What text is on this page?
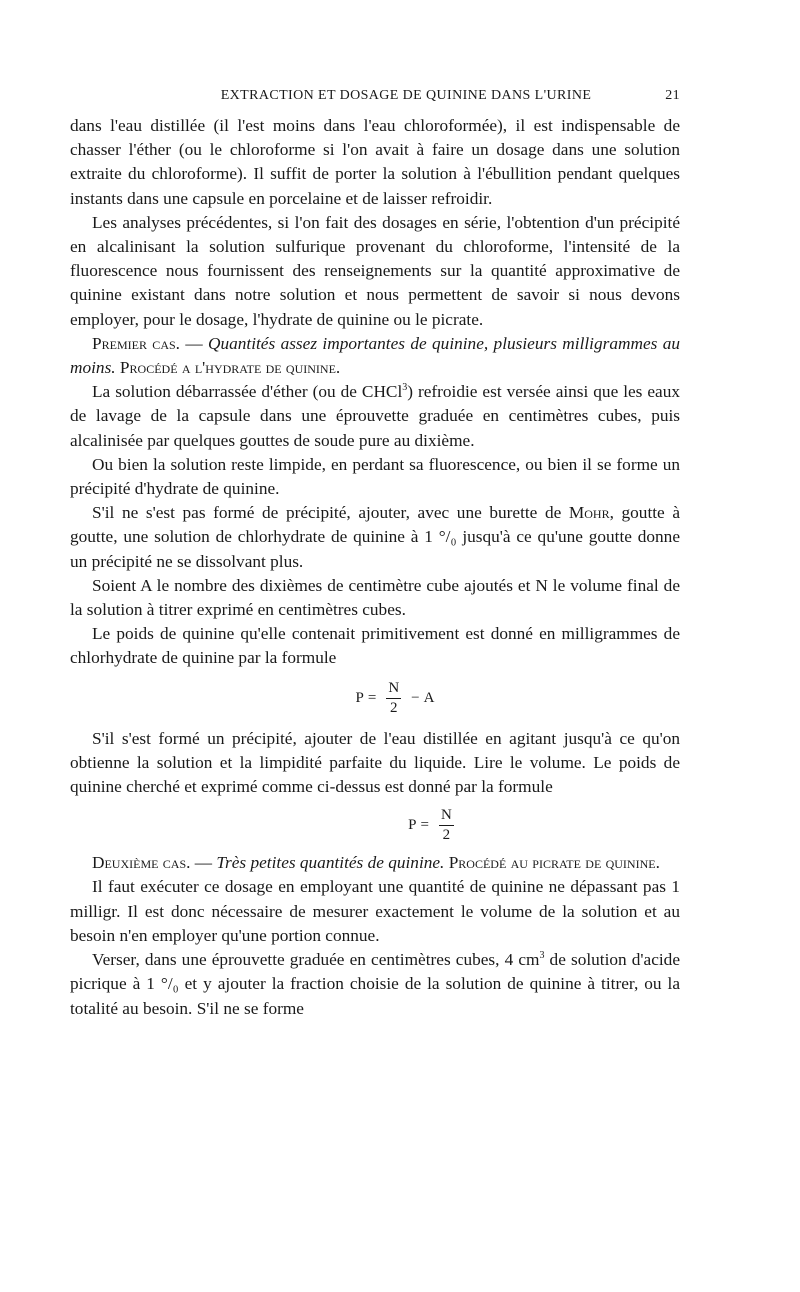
EXTRACTION ET DOSAGE DE QUININE DANS L'URINE	21

dans l'eau distillée (il l'est moins dans l'eau chloroformée), il est indispensable de chasser l'éther (ou le chloroforme si l'on avait à faire un dosage dans une solution extraite du chloroforme). Il suffit de porter la solution à l'ébullition pendant quelques instants dans une capsule en porcelaine et de laisser refroidir.

Les analyses précédentes, si l'on fait des dosages en série, l'obtention d'un précipité en alcalinisant la solution sulfurique provenant du chloroforme, l'intensité de la fluorescence nous fournissent des renseignements sur la quantité approximative de quinine existant dans notre solution et nous permettent de savoir si nous devons employer, pour le dosage, l'hydrate de quinine ou le picrate.

Premier cas. — Quantités assez importantes de quinine, plusieurs milligrammes au moins. Procédé a l'hydrate de quinine.

La solution débarrassée d'éther (ou de CHCl$^3$) refroidie est versée ainsi que les eaux de lavage de la capsule dans une éprouvette graduée en centimètres cubes, puis alcalinisée par quelques gouttes de soude pure au dixième.

Ou bien la solution reste limpide, en perdant sa fluorescence, ou bien il se forme un précipité d'hydrate de quinine.

S'il ne s'est pas formé de précipité, ajouter, avec une burette de Mohr, goutte à goutte, une solution de chlorhydrate de quinine à 1 °/₀ jusqu'à ce qu'une goutte donne un précipité ne se dissolvant plus.

Soient A le nombre des dixièmes de centimètre cube ajoutés et N le volume final de la solution à titrer exprimé en centimètres cubes.

Le poids de quinine qu'elle contenait primitivement est donné en milligrammes de chlorhydrate de quinine par la formule

$P = \frac{N}{2} - A$

S'il s'est formé un précipité, ajouter de l'eau distillée en agitant jusqu'à ce qu'on obtienne la solution et la limpidité parfaite du liquide. Lire le volume. Le poids de quinine cherché et exprimé comme ci-dessus est donné par la formule

$P = \frac{N}{2}$

Deuxième cas. — Très petites quantités de quinine. Procédé au picrate de quinine.

Il faut exécuter ce dosage en employant une quantité de quinine ne dépassant pas 1 milligr. Il est donc nécessaire de mesurer exactement le volume de la solution et au besoin n'en employer qu'une portion connue.

Verser, dans une éprouvette graduée en centimètres cubes, 4 $cm^3$ de solution d'acide picrique à 1 °/₀ et y ajouter la fraction choisie de la solution de quinine à titrer, ou la totalité au besoin. S'il ne se forme
